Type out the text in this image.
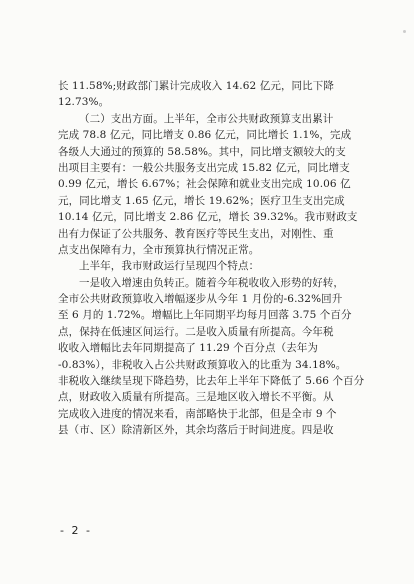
长 11.58%;财政部门累计完成收入 14.62 亿元，同比下降
12.73%。
（二）支出方面。上半年，全市公共财政预算支出累计
完成 78.8 亿元，同比增支 0.86 亿元，同比增长 1.1%，完成
各级人大通过的预算的 58.58%。其中，同比增支额较大的支
出项目主要有：一般公共服务支出完成 15.82 亿元，同比增支
0.99 亿元，增长 6.67%；社会保障和就业支出完成 10.06 亿
元，同比增支 1.65 亿元，增长 19.62%；医疗卫生支出完成
10.14 亿元，同比增支 2.86 亿元，增长 39.32%。我市财政支
出有力保证了公共服务、教育医疗等民生支出，对刚性、重
点支出保障有力，全市预算执行情况正常。
上半年，我市财政运行呈现四个特点：
一是收入增速由负转正。随着今年税收收入形势的好转，
全市公共财政预算收入增幅逐步从今年 1 月份的-6.32%回升
至 6 月的 1.72%。增幅比上年同期平均每月回落 3.75 个百分
点，保持在低速区间运行。二是收入质量有所提高。今年税
收收入增幅比去年同期提高了 11.29 个百分点（去年为
-0.83%），非税收入占公共财政预算收入的比重为 34.18%。
非税收入继续呈现下降趋势，比去年上半年下降低了 5.66 个百分
点，财政收入质量有所提高。三是地区收入增长不平衡。从
完成收入进度的情况来看，南部略快于北部，但是全市 9 个
县（市、区）除清新区外，其余均落后于时间进度。四是收
- 2 -
